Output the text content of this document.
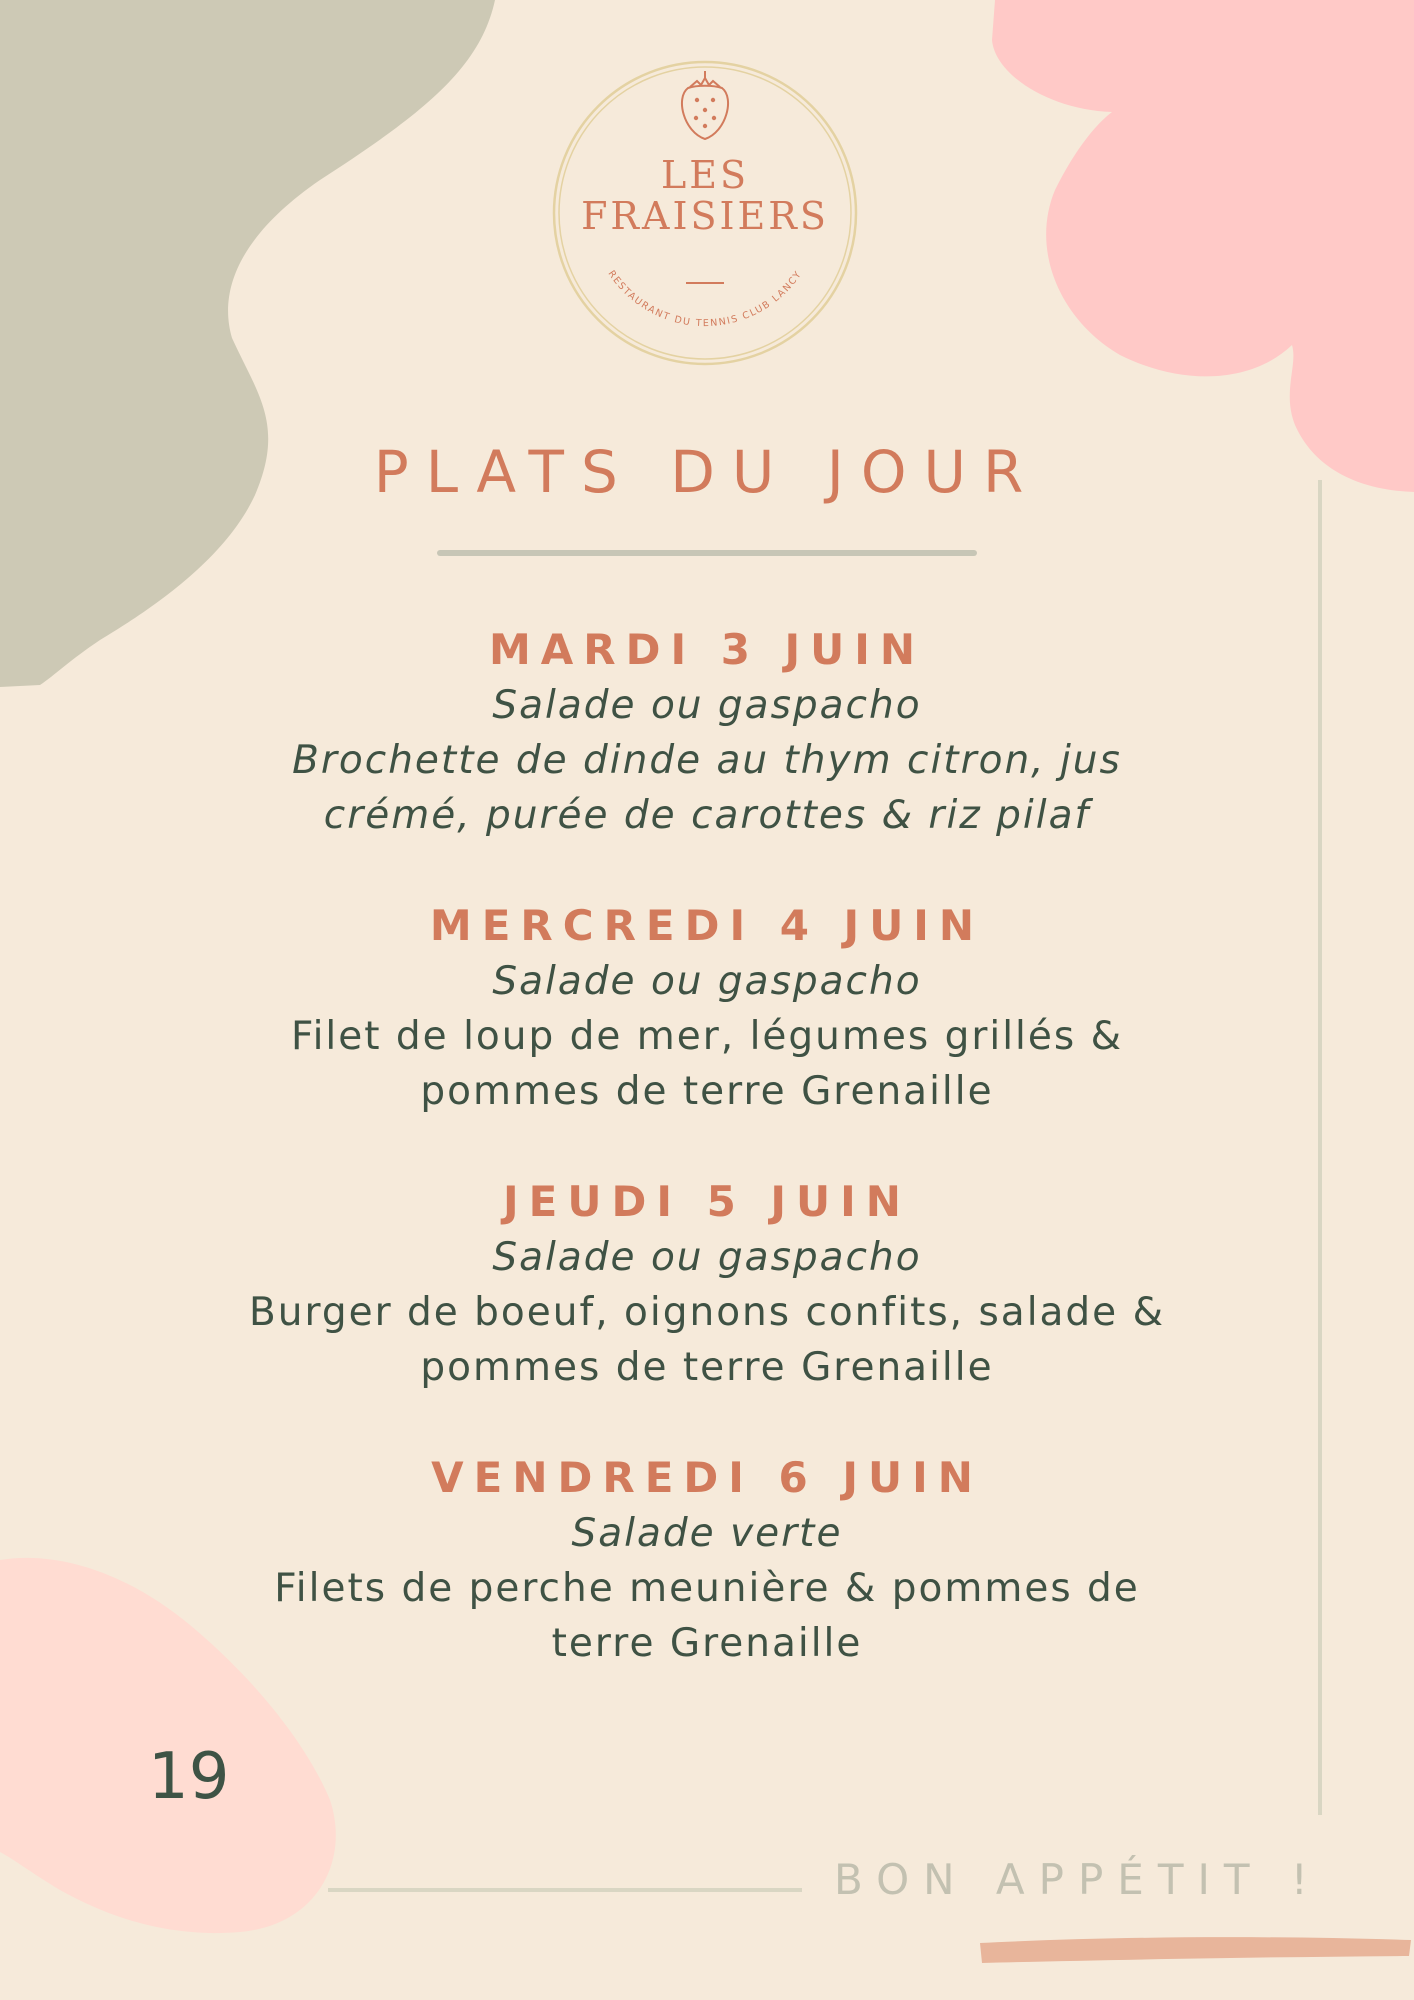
LES
FRAISIERS
RESTAURANT DU TENNIS CLUB LANCY
PLATS DU JOUR
MARDI 3 JUIN
Salade ou gaspacho
Brochette de dinde au thym citron, jus crémé, purée de carottes & riz pilaf
MERCREDI 4 JUIN
Salade ou gaspacho
Filet de loup de mer, légumes grillés & pommes de terre Grenaille
JEUDI 5 JUIN
Salade ou gaspacho
Burger de boeuf, oignons confits, salade & pommes de terre Grenaille
VENDREDI 6 JUIN
Salade verte
Filets de perche meunière & pommes de terre Grenaille
19
BON APPÉTIT !
